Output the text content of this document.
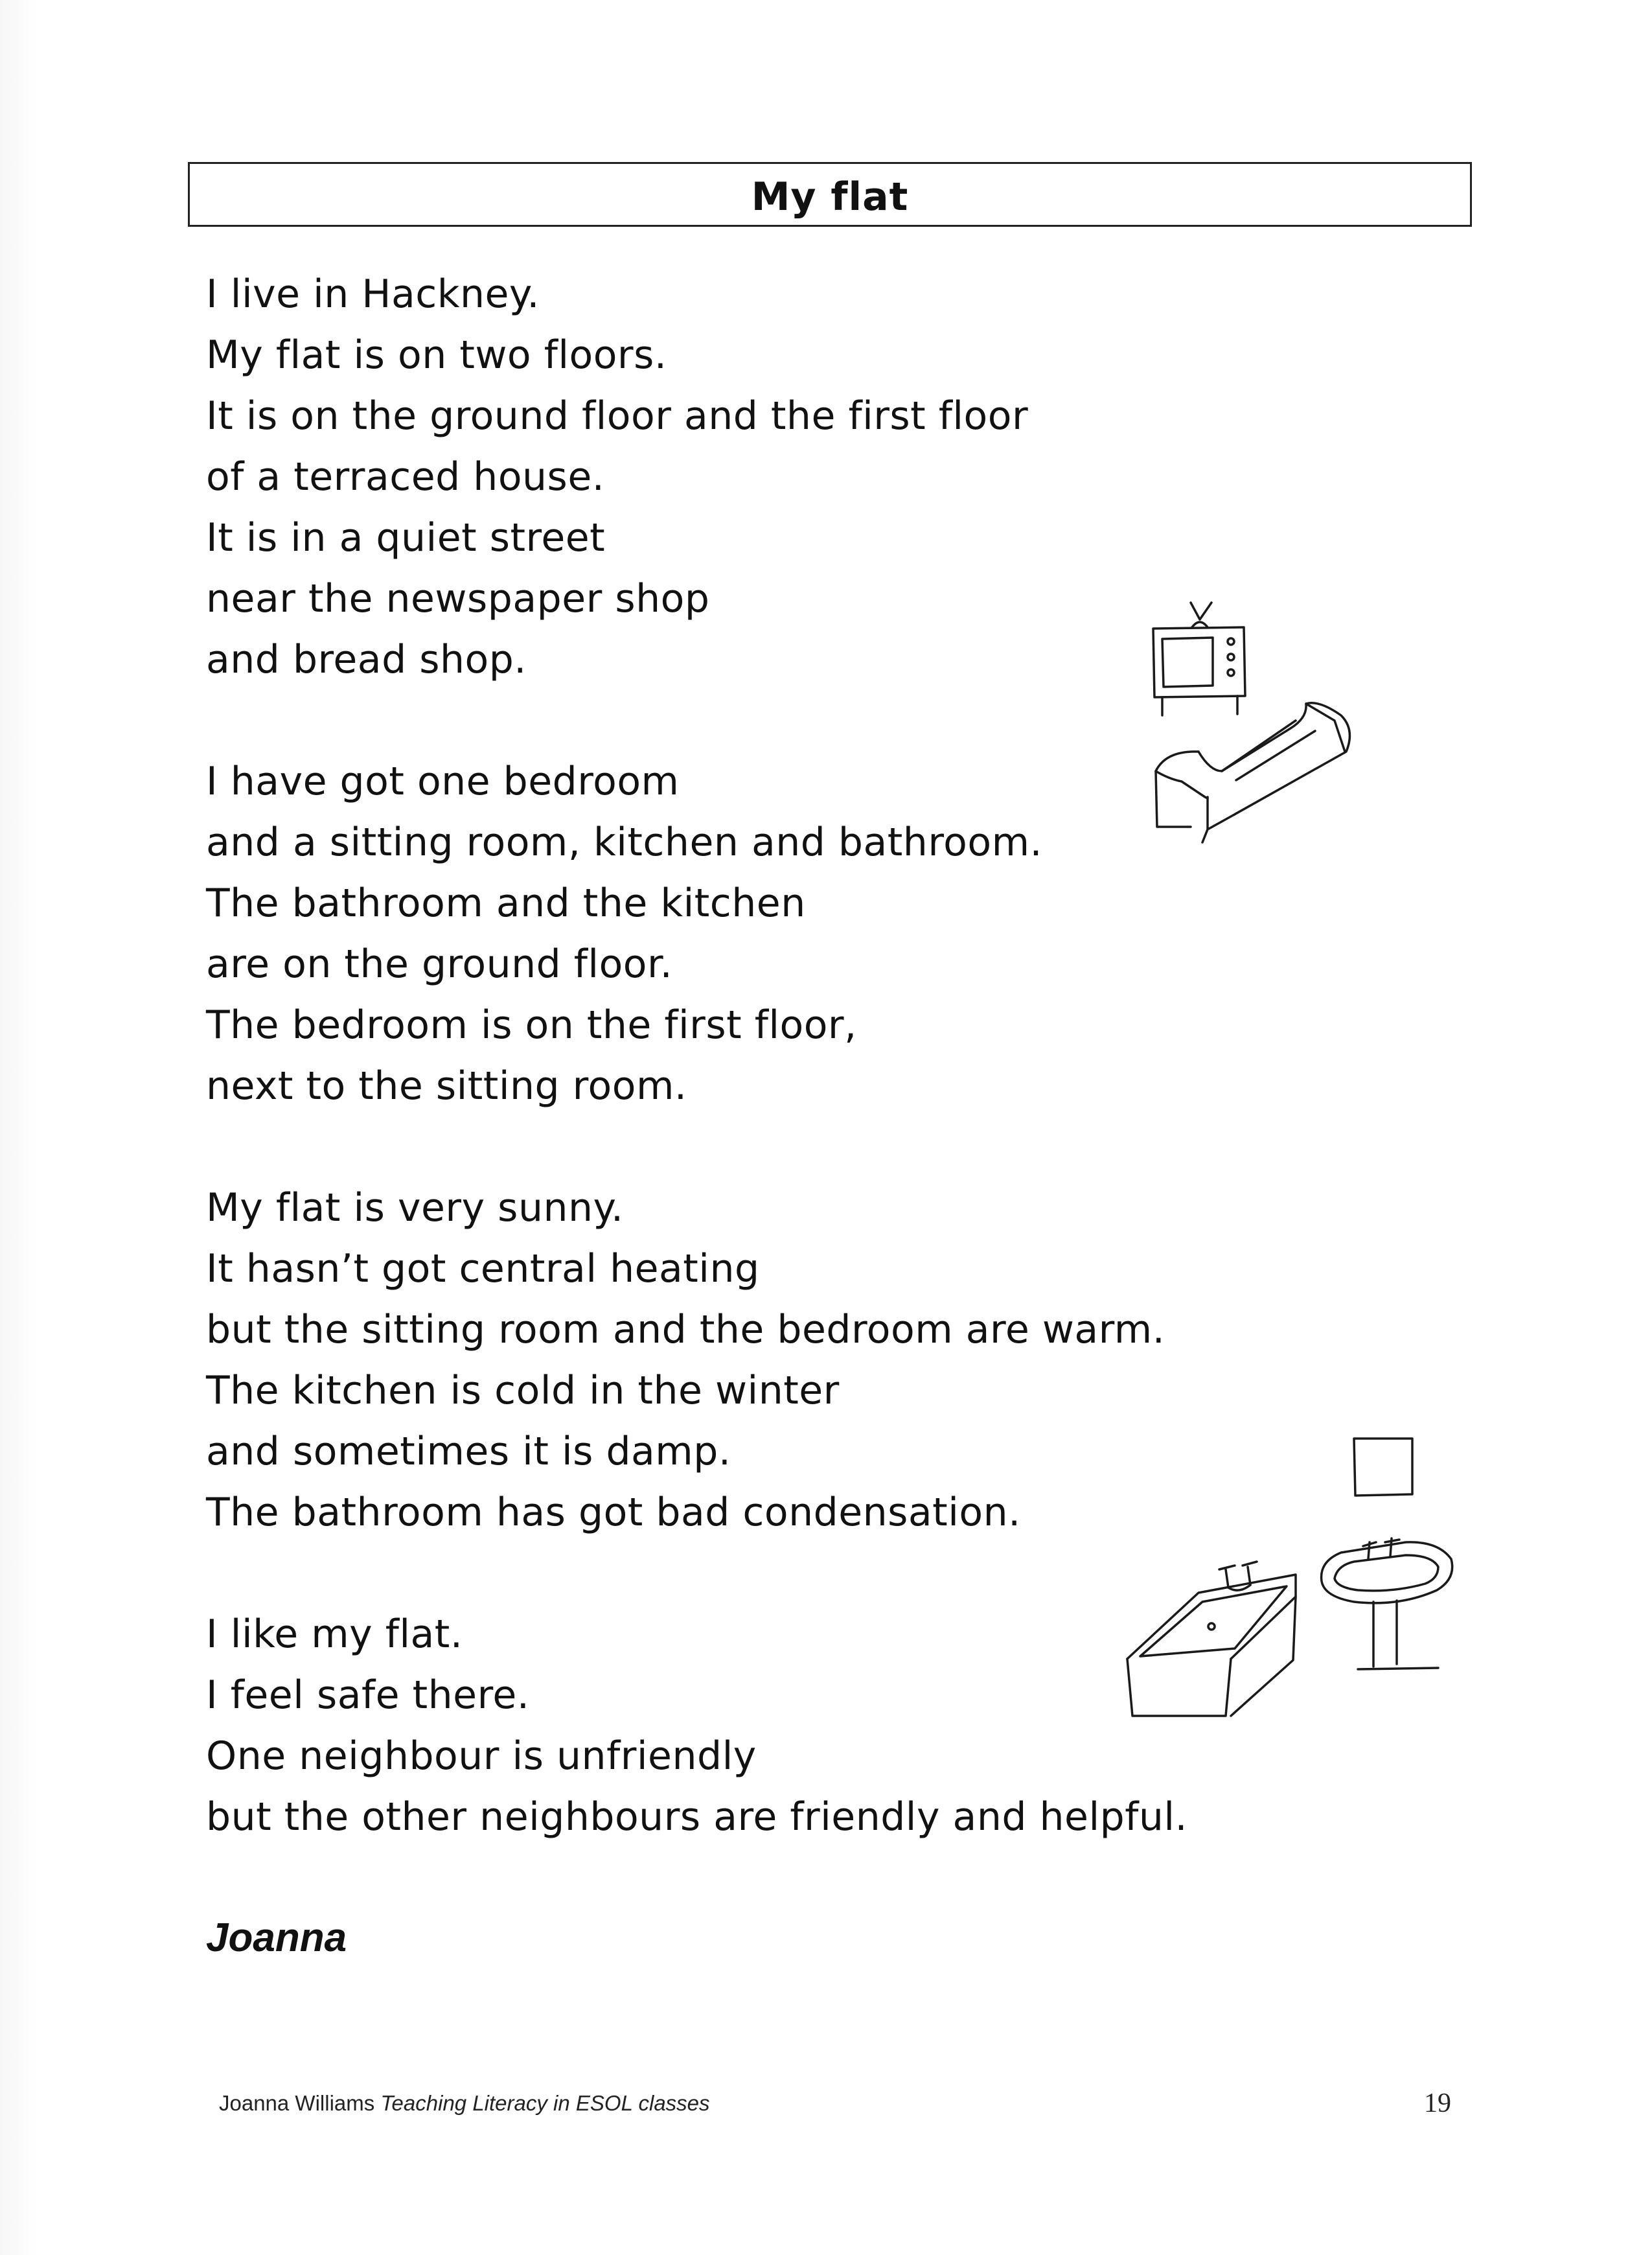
My flat
I live in Hackney.
My flat is on two floors.
It is on the ground floor and the first floor
of a terraced house.
It is in a quiet street
near the newspaper shop
and bread shop.
I have got one bedroom
and a sitting room, kitchen and bathroom.
The bathroom and the kitchen
are on the ground floor.
The bedroom is on the first floor,
next to the sitting room.
My flat is very sunny.
It hasn’t got central heating
but the sitting room and the bedroom are warm.
The kitchen is cold in the winter
and sometimes it is damp.
The bathroom has got bad condensation.
I like my flat.
I feel safe there.
One neighbour is unfriendly
but the other neighbours are friendly and helpful.
Joanna
Joanna Williams Teaching Literacy in ESOL classes	19
